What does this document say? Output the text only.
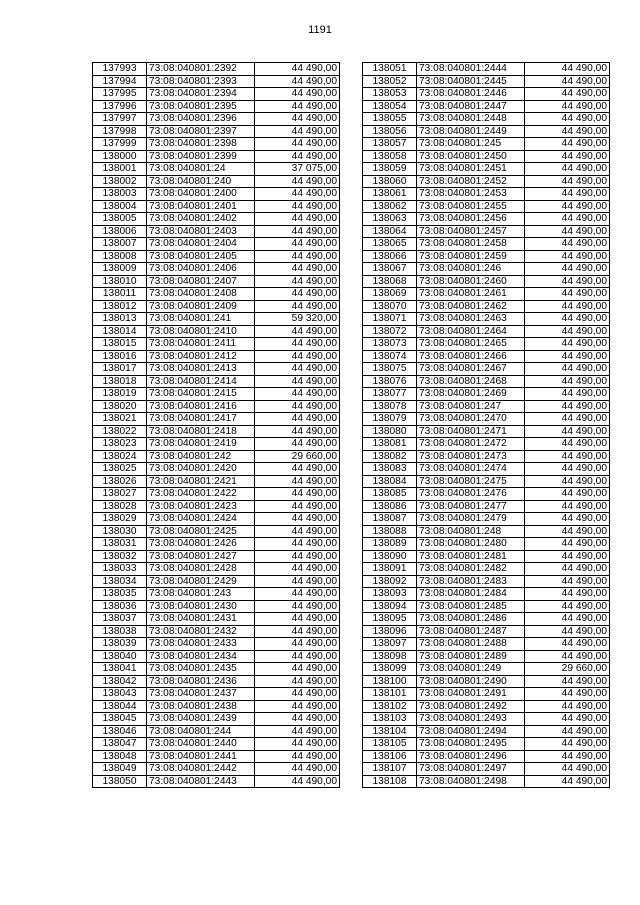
1191
137993	73:08:040801:2392	44 490,00
137994	73:08:040801:2393	44 490,00
137995	73:08:040801:2394	44 490,00
137996	73:08:040801:2395	44 490,00
137997	73:08:040801:2396	44 490,00
137998	73:08:040801:2397	44 490,00
137999	73:08:040801:2398	44 490,00
138000	73:08:040801:2399	44 490,00
138001	73:08:040801:24	37 075,00
138002	73:08:040801:240	44 490,00
138003	73:08:040801:2400	44 490,00
138004	73:08:040801:2401	44 490,00
138005	73:08:040801:2402	44 490,00
138006	73:08:040801:2403	44 490,00
138007	73:08:040801:2404	44 490,00
138008	73:08:040801:2405	44 490,00
138009	73:08:040801:2406	44 490,00
138010	73:08:040801:2407	44 490,00
138011	73:08:040801:2408	44 490,00
138012	73:08:040801:2409	44 490,00
138013	73:08:040801:241	59 320,00
138014	73:08:040801:2410	44 490,00
138015	73:08:040801:2411	44 490,00
138016	73:08:040801:2412	44 490,00
138017	73:08:040801:2413	44 490,00
138018	73:08:040801:2414	44 490,00
138019	73:08:040801:2415	44 490,00
138020	73:08:040801:2416	44 490,00
138021	73:08:040801:2417	44 490,00
138022	73:08:040801:2418	44 490,00
138023	73:08:040801:2419	44 490,00
138024	73:08:040801:242	29 660,00
138025	73:08:040801:2420	44 490,00
138026	73:08:040801:2421	44 490,00
138027	73:08:040801:2422	44 490,00
138028	73:08:040801:2423	44 490,00
138029	73:08:040801:2424	44 490,00
138030	73:08:040801:2425	44 490,00
138031	73:08:040801:2426	44 490,00
138032	73:08:040801:2427	44 490,00
138033	73:08:040801:2428	44 490,00
138034	73:08:040801:2429	44 490,00
138035	73:08:040801:243	44 490,00
138036	73:08:040801:2430	44 490,00
138037	73:08:040801:2431	44 490,00
138038	73:08:040801:2432	44 490,00
138039	73:08:040801:2433	44 490,00
138040	73:08:040801:2434	44 490,00
138041	73:08:040801:2435	44 490,00
138042	73:08:040801:2436	44 490,00
138043	73:08:040801:2437	44 490,00
138044	73:08:040801:2438	44 490,00
138045	73:08:040801:2439	44 490,00
138046	73:08:040801:244	44 490,00
138047	73:08:040801:2440	44 490,00
138048	73:08:040801:2441	44 490,00
138049	73:08:040801:2442	44 490,00
138050	73:08:040801:2443	44 490,00
138051	73:08:040801:2444	44 490,00
138052	73:08:040801:2445	44 490,00
138053	73:08:040801:2446	44 490,00
138054	73:08:040801:2447	44 490,00
138055	73:08:040801:2448	44 490,00
138056	73:08:040801:2449	44 490,00
138057	73:08:040801:245	44 490,00
138058	73:08:040801:2450	44 490,00
138059	73:08:040801:2451	44 490,00
138060	73:08:040801:2452	44 490,00
138061	73:08:040801:2453	44 490,00
138062	73:08:040801:2455	44 490,00
138063	73:08:040801:2456	44 490,00
138064	73:08:040801:2457	44 490,00
138065	73:08:040801:2458	44 490,00
138066	73:08:040801:2459	44 490,00
138067	73:08:040801:246	44 490,00
138068	73:08:040801:2460	44 490,00
138069	73:08:040801:2461	44 490,00
138070	73:08:040801:2462	44 490,00
138071	73:08:040801:2463	44 490,00
138072	73:08:040801:2464	44 490,00
138073	73:08:040801:2465	44 490,00
138074	73:08:040801:2466	44 490,00
138075	73:08:040801:2467	44 490,00
138076	73:08:040801:2468	44 490,00
138077	73:08:040801:2469	44 490,00
138078	73:08:040801:247	44 490,00
138079	73:08:040801:2470	44 490,00
138080	73:08:040801:2471	44 490,00
138081	73:08:040801:2472	44 490,00
138082	73:08:040801:2473	44 490,00
138083	73:08:040801:2474	44 490,00
138084	73:08:040801:2475	44 490,00
138085	73:08:040801:2476	44 490,00
138086	73:08:040801:2477	44 490,00
138087	73:08:040801:2479	44 490,00
138088	73:08:040801:248	44 490,00
138089	73:08:040801:2480	44 490,00
138090	73:08:040801:2481	44 490,00
138091	73:08:040801:2482	44 490,00
138092	73:08:040801:2483	44 490,00
138093	73:08:040801:2484	44 490,00
138094	73:08:040801:2485	44 490,00
138095	73:08:040801:2486	44 490,00
138096	73:08:040801:2487	44 490,00
138097	73:08:040801:2488	44 490,00
138098	73:08:040801:2489	44 490,00
138099	73:08:040801:249	29 660,00
138100	73:08:040801:2490	44 490,00
138101	73:08:040801:2491	44 490,00
138102	73:08:040801:2492	44 490,00
138103	73:08:040801:2493	44 490,00
138104	73:08:040801:2494	44 490,00
138105	73:08:040801:2495	44 490,00
138106	73:08:040801:2496	44 490,00
138107	73:08:040801:2497	44 490,00
138108	73:08:040801:2498	44 490,00
